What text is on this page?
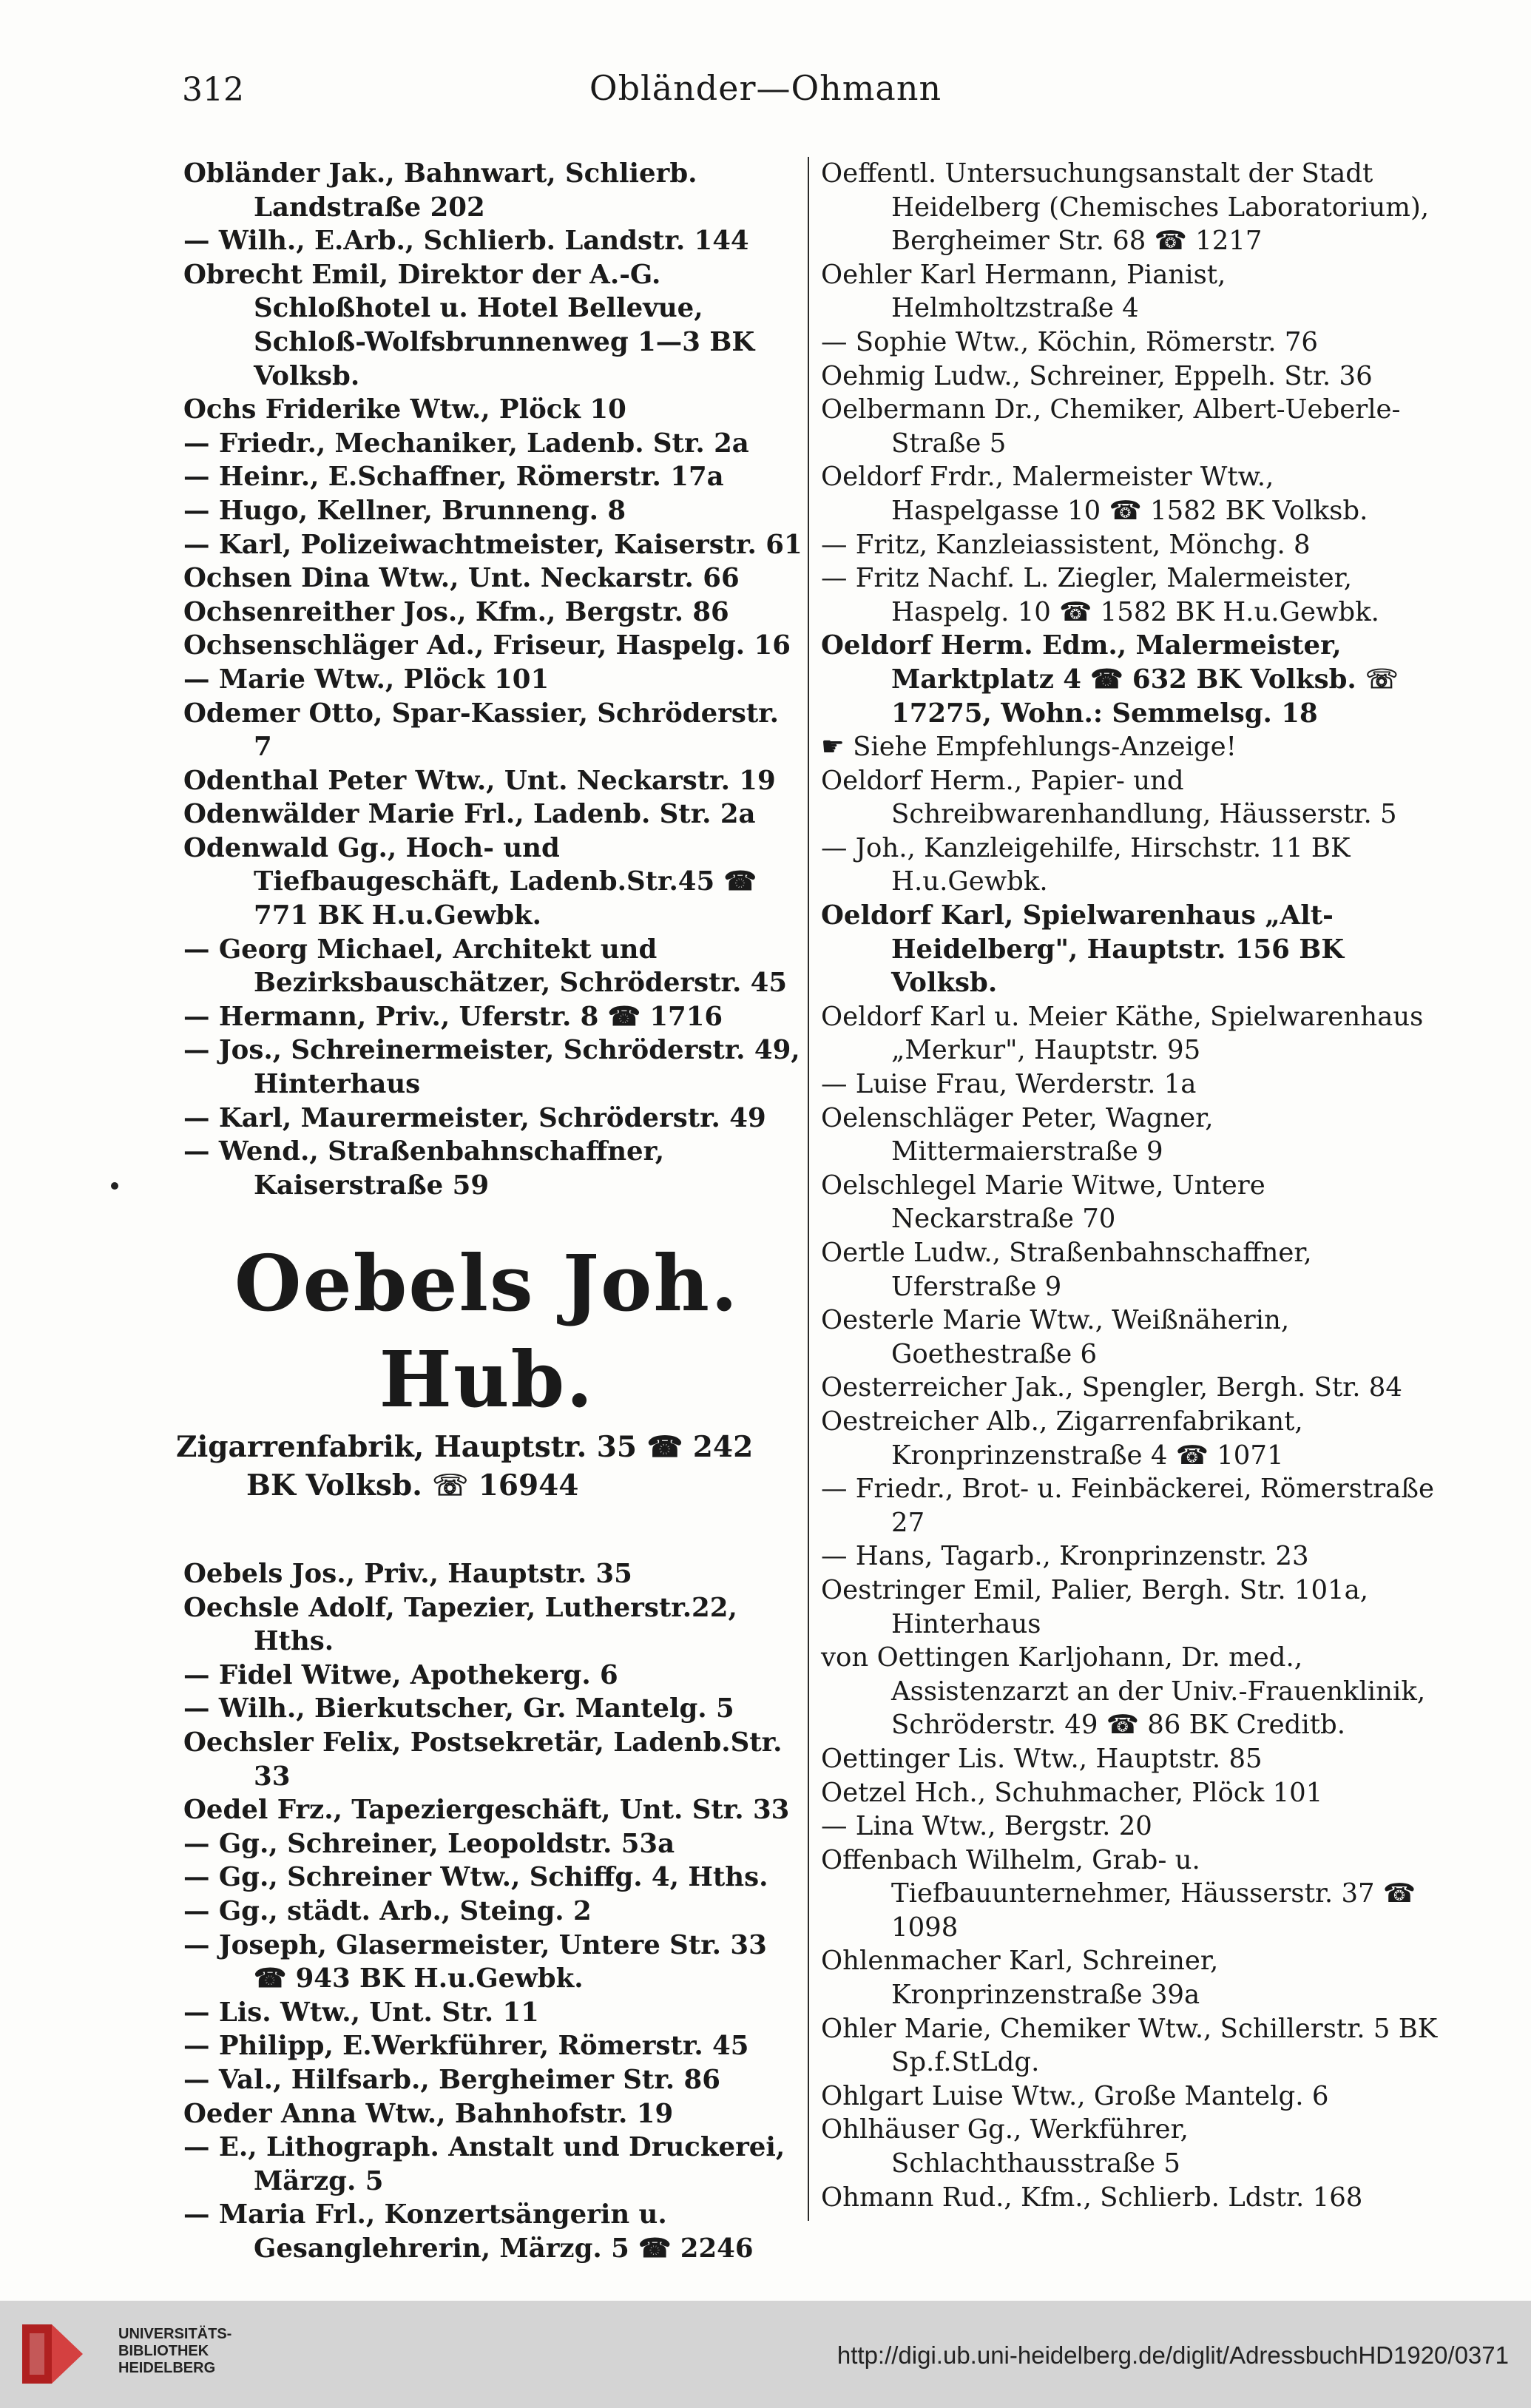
312	Obländer—Ohmann
Obländer Jak., Bahnwart, Schlierb. Landstraße 202
— Wilh., E.Arb., Schlierb. Landstr. 144
Obrecht Emil, Direktor der A.-G. Schloßhotel u. Hotel Bellevue, Schloß-Wolfsbrunnenweg 1—3 BK Volksb.
Ochs Friderike Wtw., Plöck 10
— Friedr., Mechaniker, Ladenb. Str. 2a
— Heinr., E.Schaffner, Römerstr. 17a
— Hugo, Kellner, Brunneng. 8
— Karl, Polizeiwachtmeister, Kaiserstr. 61
Ochsen Dina Wtw., Unt. Neckarstr. 66
Ochsenreither Jos., Kfm., Bergstr. 86
Ochsenschläger Ad., Friseur, Haspelg. 16
— Marie Wtw., Plöck 101
Odemer Otto, Spar-Kassier, Schröderstr. 7
Odenthal Peter Wtw., Unt. Neckarstr. 19
Odenwälder Marie Frl., Ladenb. Str. 2a
Odenwald Gg., Hoch- und Tiefbaugeschäft, Ladenb.Str.45 ☎ 771 BK H.u.Gewbk.
— Georg Michael, Architekt und Bezirksbauschätzer, Schröderstr. 45
— Hermann, Priv., Uferstr. 8 ☎ 1716
— Jos., Schreinermeister, Schröderstr. 49, Hinterhaus
— Karl, Maurermeister, Schröderstr. 49
— Wend., Straßenbahnschaffner, Kaiserstraße 59
Oebels Joh. Hub.
Zigarrenfabrik, Hauptstr. 35 ☎ 242
BK Volksb. ☏ 16944
Oebels Jos., Priv., Hauptstr. 35
Oechsle Adolf, Tapezier, Lutherstr.22, Hths.
— Fidel Witwe, Apothekerg. 6
— Wilh., Bierkutscher, Gr. Mantelg. 5
Oechsler Felix, Postsekretär, Ladenb.Str. 33
Oedel Frz., Tapeziergeschäft, Unt. Str. 33
— Gg., Schreiner, Leopoldstr. 53a
— Gg., Schreiner Wtw., Schiffg. 4, Hths.
— Gg., städt. Arb., Steing. 2
— Joseph, Glasermeister, Untere Str. 33 ☎ 943 BK H.u.Gewbk.
— Lis. Wtw., Unt. Str. 11
— Philipp, E.Werkführer, Römerstr. 45
— Val., Hilfsarb., Bergheimer Str. 86
Oeder Anna Wtw., Bahnhofstr. 19
— E., Lithograph. Anstalt und Druckerei, Märzg. 5
— Maria Frl., Konzertsängerin u. Gesanglehrerin, Märzg. 5 ☎ 2246
Oeffentl. Untersuchungsanstalt der Stadt Heidelberg (Chemisches Laboratorium), Bergheimer Str. 68 ☎ 1217
Oehler Karl Hermann, Pianist, Helmholtzstraße 4
— Sophie Wtw., Köchin, Römerstr. 76
Oehmig Ludw., Schreiner, Eppelh. Str. 36
Oelbermann Dr., Chemiker, Albert-Ueberle-Straße 5
Oeldorf Frdr., Malermeister Wtw., Haspelgasse 10 ☎ 1582 BK Volksb.
— Fritz, Kanzleiassistent, Mönchg. 8
— Fritz Nachf. L. Ziegler, Malermeister, Haspelg. 10 ☎ 1582 BK H.u.Gewbk.
Oeldorf Herm. Edm., Malermeister, Marktplatz 4 ☎ 632 BK Volksb. ☏ 17275, Wohn.: Semmelsg. 18
☛ Siehe Empfehlungs-Anzeige!
Oeldorf Herm., Papier- und Schreibwarenhandlung, Häusserstr. 5
— Joh., Kanzleigehilfe, Hirschstr. 11 BK H.u.Gewbk.
Oeldorf Karl, Spielwarenhaus „Alt-Heidelberg", Hauptstr. 156 BK Volksb.
Oeldorf Karl u. Meier Käthe, Spielwarenhaus „Merkur", Hauptstr. 95
— Luise Frau, Werderstr. 1a
Oelenschläger Peter, Wagner, Mittermaierstraße 9
Oelschlegel Marie Witwe, Untere Neckarstraße 70
Oertle Ludw., Straßenbahnschaffner, Uferstraße 9
Oesterle Marie Wtw., Weißnäherin, Goethestraße 6
Oesterreicher Jak., Spengler, Bergh. Str. 84
Oestreicher Alb., Zigarrenfabrikant, Kronprinzenstraße 4 ☎ 1071
— Friedr., Brot- u. Feinbäckerei, Römerstraße 27
— Hans, Tagarb., Kronprinzenstr. 23
Oestringer Emil, Palier, Bergh. Str. 101a, Hinterhaus
von Oettingen Karljohann, Dr. med., Assistenzarzt an der Univ.-Frauenklinik, Schröderstr. 49 ☎ 86 BK Creditb.
Oettinger Lis. Wtw., Hauptstr. 85
Oetzel Hch., Schuhmacher, Plöck 101
— Lina Wtw., Bergstr. 20
Offenbach Wilhelm, Grab- u. Tiefbauunternehmer, Häusserstr. 37 ☎ 1098
Ohlenmacher Karl, Schreiner, Kronprinzenstraße 39a
Ohler Marie, Chemiker Wtw., Schillerstr. 5 BK Sp.f.StLdg.
Ohlgart Luise Wtw., Große Mantelg. 6
Ohlhäuser Gg., Werkführer, Schlachthausstraße 5
Ohmann Rud., Kfm., Schlierb. Ldstr. 168
UNIVERSITÄTS-
BIBLIOTHEK
HEIDELBERG	http://digi.ub.uni-heidelberg.de/diglit/AdressbuchHD1920/0371
